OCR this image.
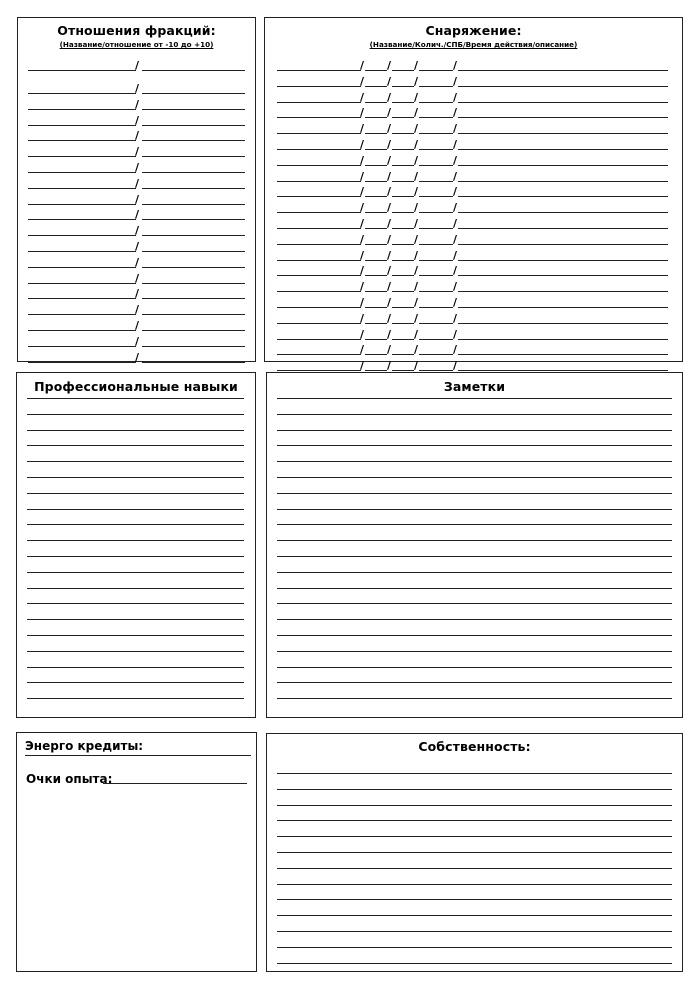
Отношения фракций:
(Название/отношение от -10 до +10)
/
/
/
/
/
/
/
/
/
/
/
/
/
/
/
/
/
/
/
Снаряжение:
(Название/Колич./СПБ/Время действия/описание)
/ / /	/
/ / /	/
/ / /	/
/ / /	/
/ / /	/
/ / /	/
/ / /	/
/ / /	/
/ / /	/
/ / /	/
/ / /	/
/ / /	/
/ / /	/
/ / /	/
/ / /	/
/ / /	/
/ / /	/
/ / /	/
/ / /	/
/ / /	/
Профессиональные навыки	Заметки
Энерго кредиты:
Очки опыта:
Собственность:
